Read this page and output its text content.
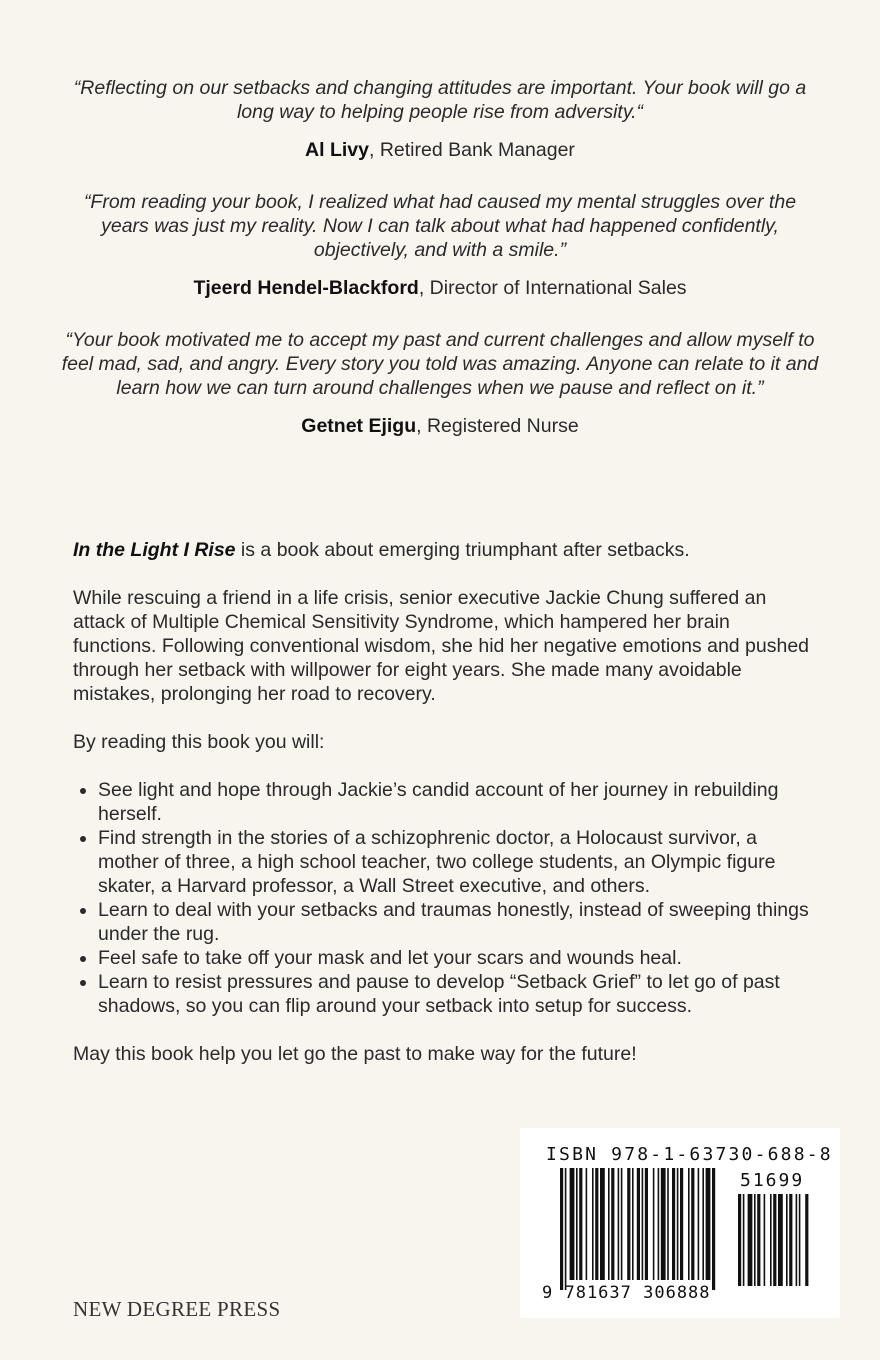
“Reflecting on our setbacks and changing attitudes are important. Your book will go a long way to helping people rise from adversity.“

Al Livy, Retired Bank Manager

“From reading your book, I realized what had caused my mental struggles over the years was just my reality. Now I can talk about what had happened confidently, objectively, and with a smile.”

Tjeerd Hendel-Blackford, Director of International Sales

“Your book motivated me to accept my past and current challenges and allow myself to feel mad, sad, and angry. Every story you told was amazing. Anyone can relate to it and learn how we can turn around challenges when we pause and reflect on it.”

Getnet Ejigu, Registered Nurse

In the Light I Rise is a book about emerging triumphant after setbacks.

While rescuing a friend in a life crisis, senior executive Jackie Chung suffered an attack of Multiple Chemical Sensitivity Syndrome, which hampered her brain functions. Following conventional wisdom, she hid her negative emotions and pushed through her setback with willpower for eight years. She made many avoidable mistakes, prolonging her road to recovery.

By reading this book you will:

• See light and hope through Jackie’s candid account of her journey in rebuilding herself.
• Find strength in the stories of a schizophrenic doctor, a Holocaust survivor, a mother of three, a high school teacher, two college students, an Olympic figure skater, a Harvard professor, a Wall Street executive, and others.
• Learn to deal with your setbacks and traumas honestly, instead of sweeping things under the rug.
• Feel safe to take off your mask and let your scars and wounds heal.
• Learn to resist pressures and pause to develop “Setback Grief” to let go of past shadows, so you can flip around your setback into setup for success.

May this book help you let go the past to make way for the future!

NEW DEGREE PRESS
ISBN 978-1-63730-688-8
51699
9 781637 306888
